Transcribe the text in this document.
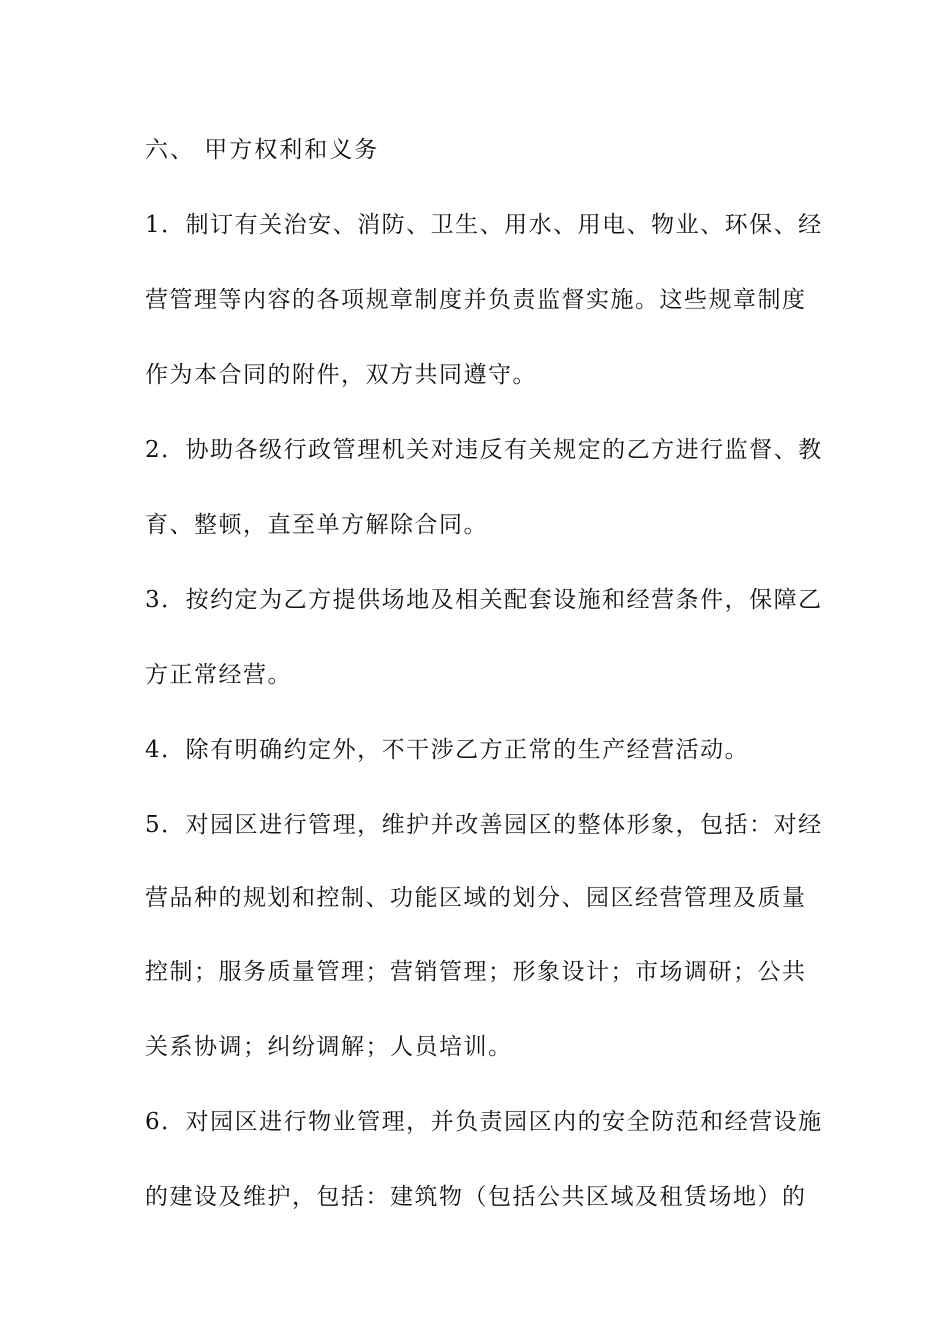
六、 甲方权利和义务
1．制订有关治安、消防、卫生、用水、用电、物业、环保、经
营管理等内容的各项规章制度并负责监督实施。这些规章制度
作为本合同的附件，双方共同遵守。
2．协助各级行政管理机关对违反有关规定的乙方进行监督、教
育、整顿，直至单方解除合同。
3．按约定为乙方提供场地及相关配套设施和经营条件，保障乙
方正常经营。
4．除有明确约定外，不干涉乙方正常的生产经营活动。
5．对园区进行管理，维护并改善园区的整体形象，包括：对经
营品种的规划和控制、功能区域的划分、园区经营管理及质量
控制；服务质量管理；营销管理；形象设计；市场调研；公共
关系协调；纠纷调解；人员培训。
6．对园区进行物业管理，并负责园区内的安全防范和经营设施
的建设及维护，包括：建筑物（包括公共区域及租赁场地）的
